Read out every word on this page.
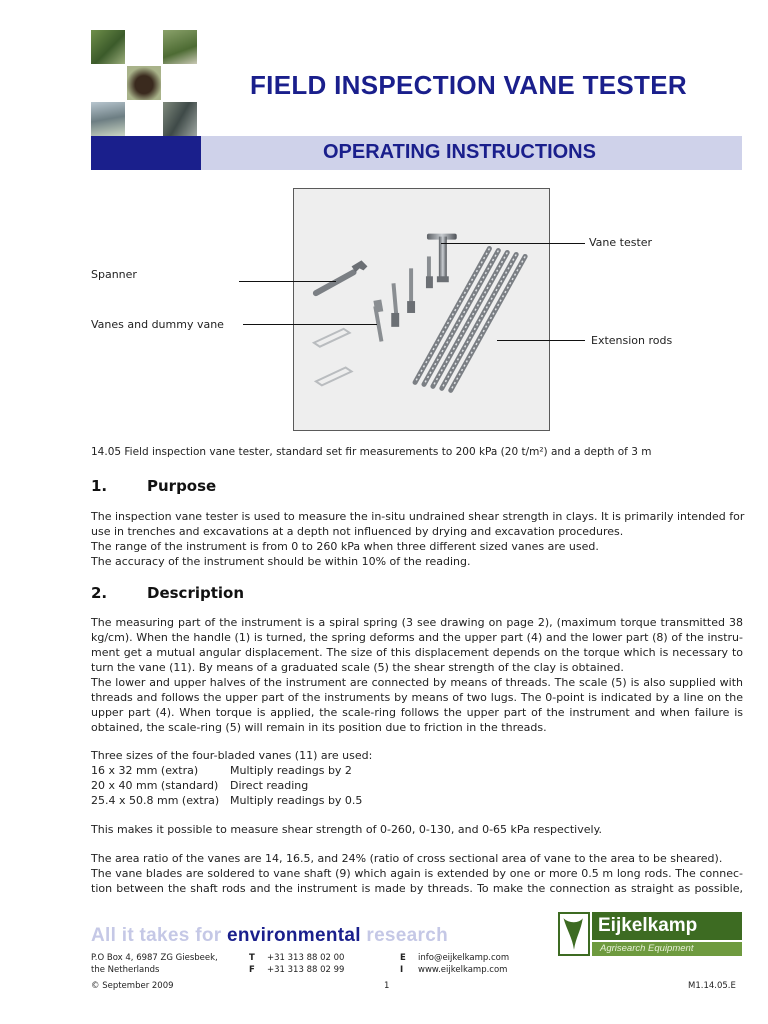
FIELD INSPECTION VANE TESTER
OPERATING INSTRUCTIONS
Vane tester
Spanner
Vanes and dummy vane
Extension rods

14.05 Field inspection vane tester, standard set fir measurements to 200 kPa (20 t/m²) and a depth of 3 m

1.	Purpose
The inspection vane tester is used to measure the in-situ undrained shear strength in clays. It is primarily intended for
use in trenches and excavations at a depth not influenced by drying and excavation procedures.
The range of the instrument is from 0 to 260 kPa when three different sized vanes are used.
The accuracy of the instrument should be within 10% of the reading.
2.	Description
The measuring part of the instrument is a spiral spring (3 see drawing on page 2), (maximum torque transmitted 38
kg/cm). When the handle (1) is turned, the spring deforms and the upper part (4) and the lower part (8) of the instru-
ment get a mutual angular displacement. The size of this displacement depends on the torque which is necessary to
turn the vane (11). By means of a graduated scale (5) the shear strength of the clay is obtained.
The lower and upper halves of the instrument are connected by means of threads. The scale (5) is also supplied with
threads and follows the upper part of the instruments by means of two lugs. The 0-point is indicated by a line on the
upper part (4). When torque is applied, the scale-ring follows the upper part of the instrument and when failure is
obtained, the scale-ring (5) will remain in its position due to friction in the threads.
Three sizes of the four-bladed vanes (11) are used:
16 x 32 mm (extra)	Multiply readings by 2
20 x 40 mm (standard)	Direct reading
25.4 x 50.8 mm (extra) Multiply readings by 0.5
This makes it possible to measure shear strength of 0-260, 0-130, and 0-65 kPa respectively.
The area ratio of the vanes are 14, 16.5, and 24% (ratio of cross sectional area of vane to the area to be sheared).
The vane blades are soldered to vane shaft (9) which again is extended by one or more 0.5 m long rods. The connec-
tion between the shaft rods and the instrument is made by threads. To make the connection as straight as possible,
All it takes for environmental research	Eijkelkamp
Agrisearch Equipment
P.O Box 4, 6987 ZG Giesbeek,
the Netherlands
T +31 313 88 02 00
F +31 313 88 02 99
E info@eijkelkamp.com
I www.eijkelkamp.com
© September 2009	1	M1.14.05.E
